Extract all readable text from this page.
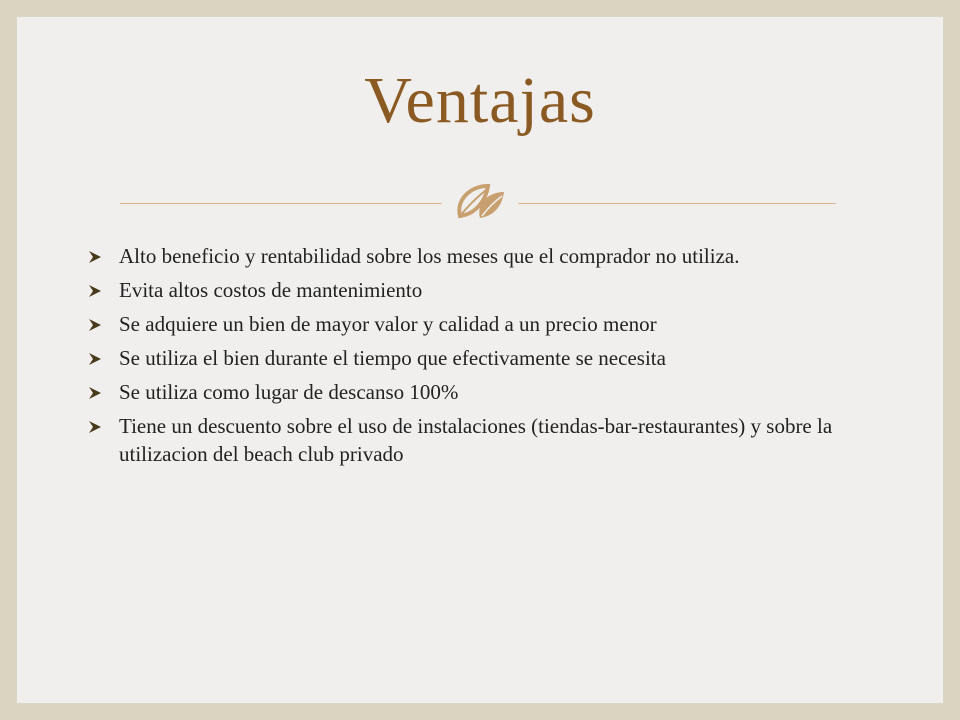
Ventajas
Alto beneficio y rentabilidad sobre los meses que el comprador no utiliza.
Evita altos costos de mantenimiento
Se adquiere un bien de mayor valor y calidad a un precio menor
Se utiliza el bien durante el tiempo que efectivamente se necesita
Se utiliza como lugar de descanso 100%
Tiene un descuento sobre el uso de instalaciones (tiendas-bar-restaurantes) y sobre la utilizacion del beach club privado
